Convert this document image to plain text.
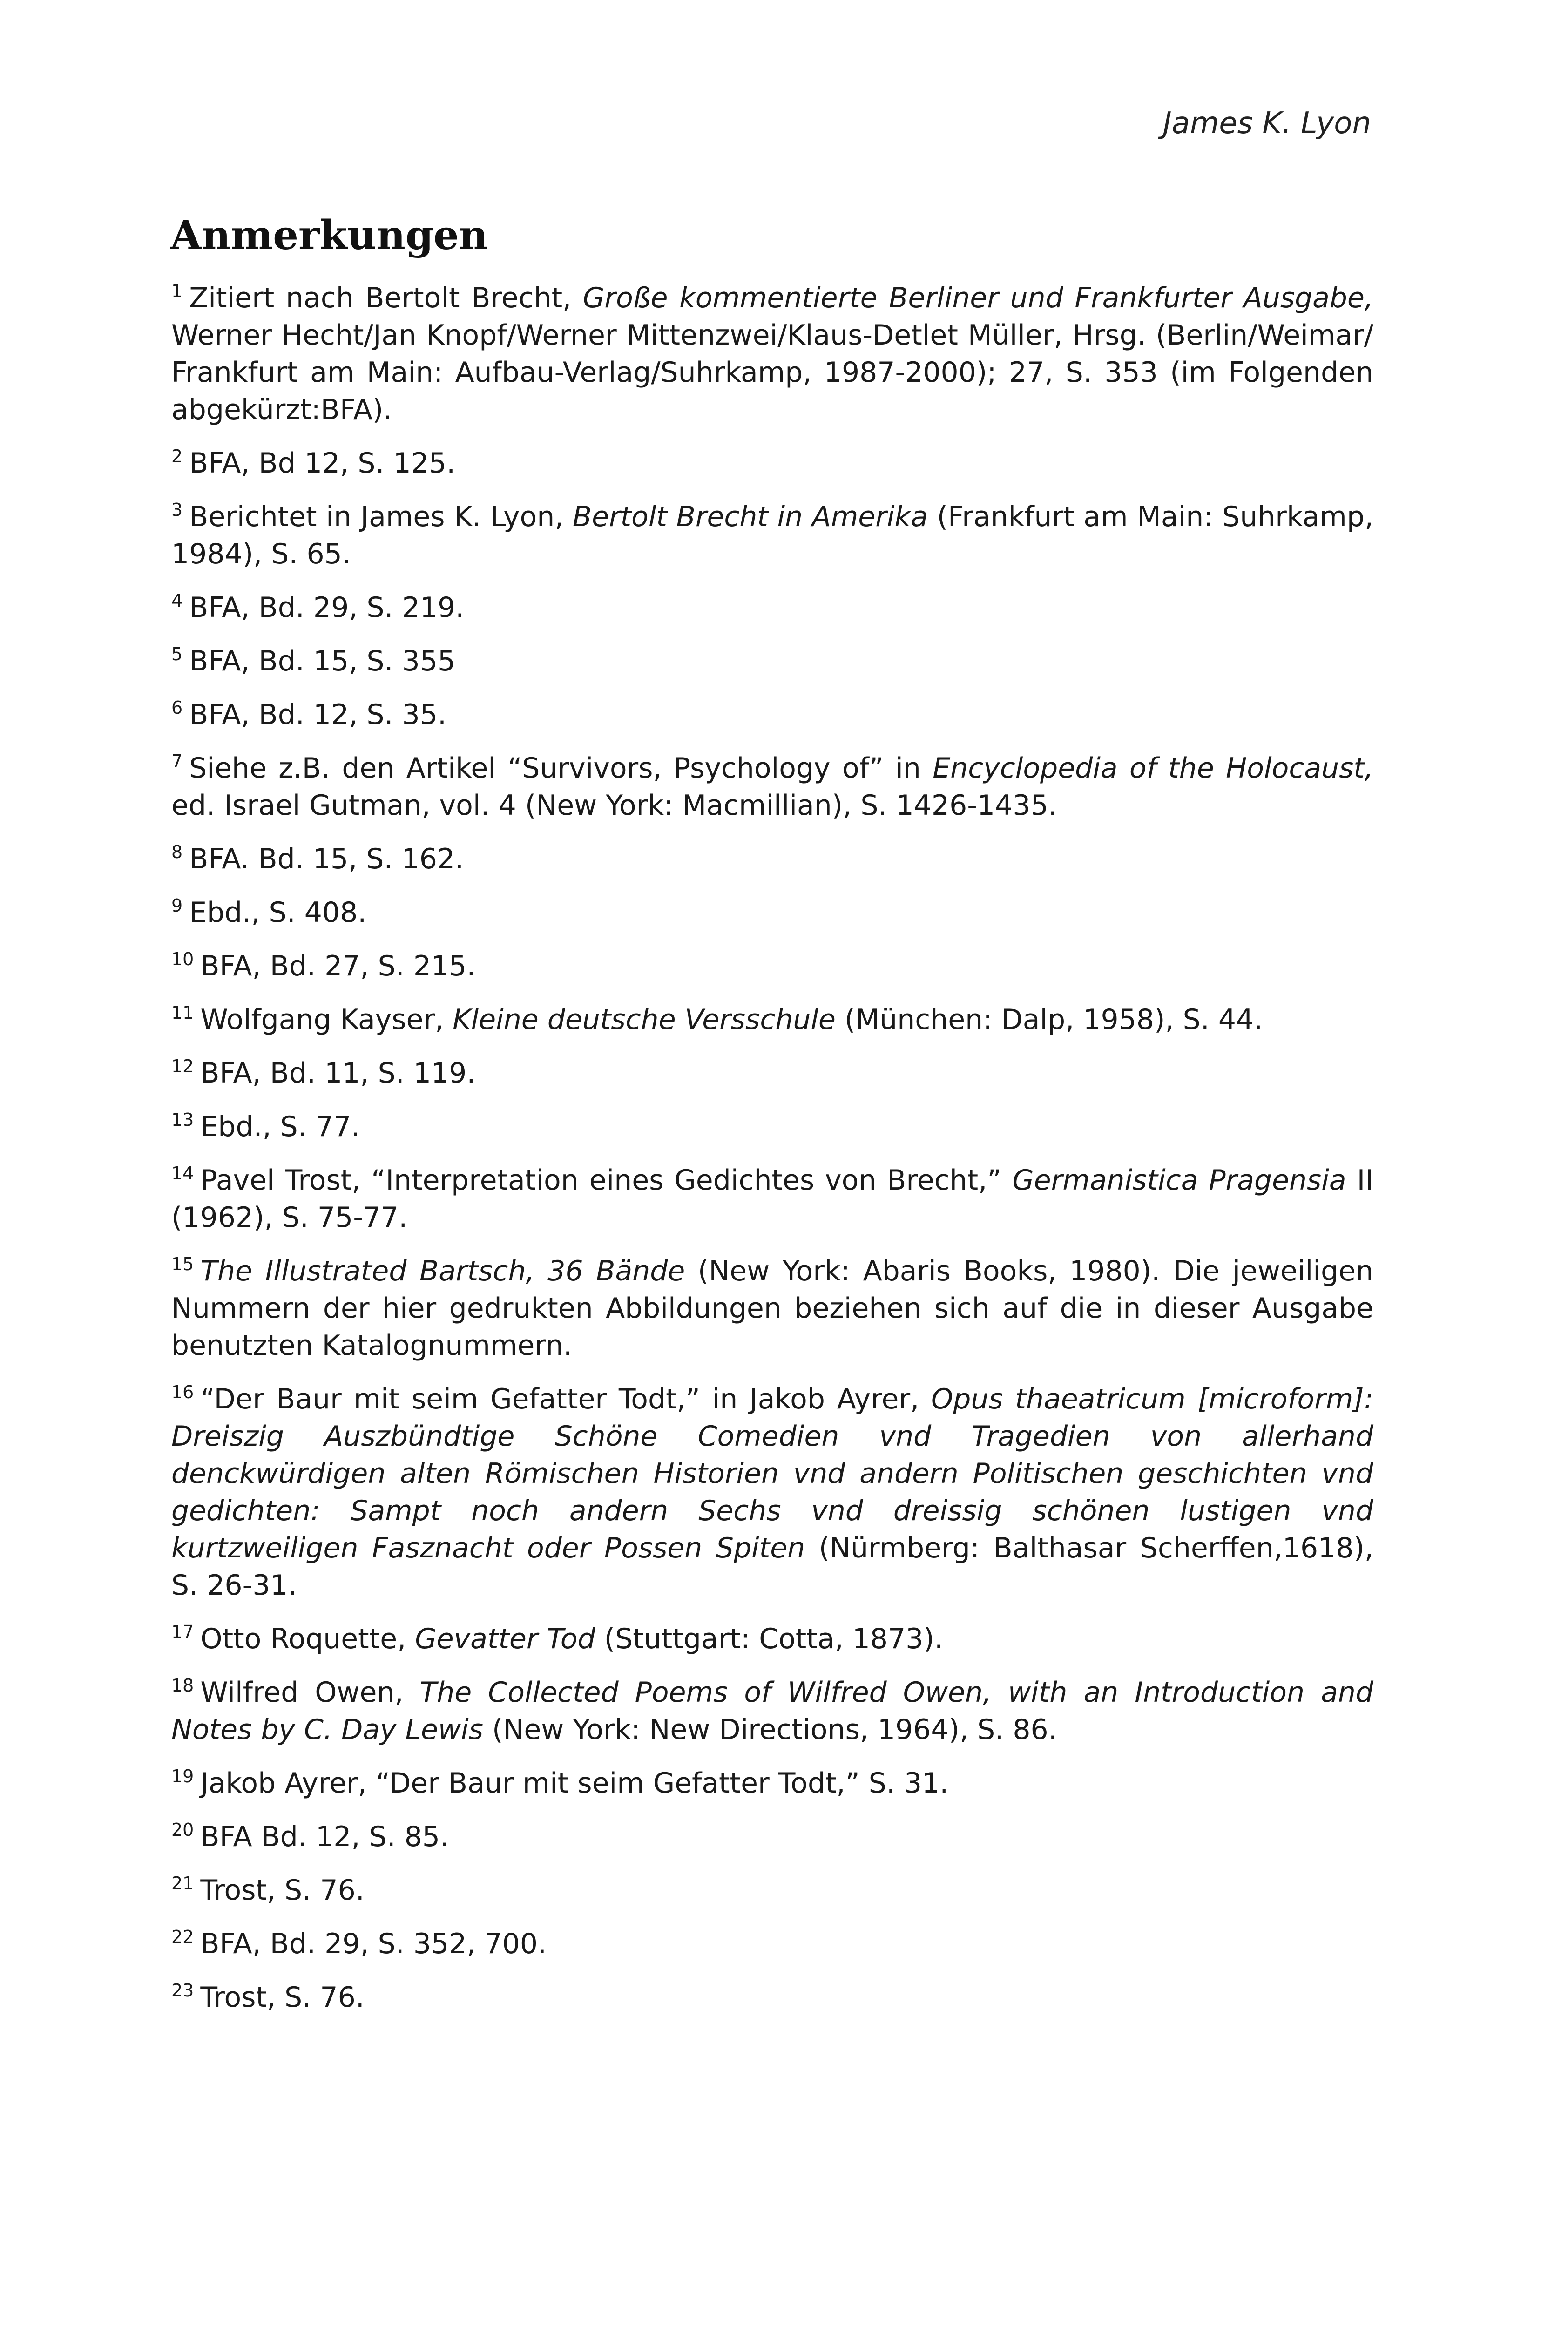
James K. Lyon
Anmerkungen

$^1$ Zitiert nach Bertolt Brecht, Große kommentierte Berliner und Frankfurter Ausgabe, Werner Hecht/Jan Knopf/Werner Mittenzwei/Klaus-Detlet Müller, Hrsg. (Berlin/Weimar/ Frankfurt am Main: Aufbau-Verlag/Suhrkamp, 1987-2000); 27, S. 353 (im Folgenden abgekürzt:BFA).

$^2$ BFA, Bd 12, S. 125.

$^3$ Berichtet in James K. Lyon, Bertolt Brecht in Amerika (Frankfurt am Main: Suhrkamp, 1984), S. 65.

$^4$ BFA, Bd. 29, S. 219.

$^5$ BFA, Bd. 15, S. 355

$^6$ BFA, Bd. 12, S. 35.

$^7$ Siehe z.B. den Artikel “Survivors, Psychology of” in Encyclopedia of the Holocaust, ed. Israel Gutman, vol. 4 (New York: Macmillian), S. 1426-1435.

$^8$ BFA. Bd. 15, S. 162.

$^9$ Ebd., S. 408.

$^{10}$ BFA, Bd. 27, S. 215.

$^{11}$ Wolfgang Kayser, Kleine deutsche Versschule (München: Dalp, 1958), S. 44.

$^{12}$ BFA, Bd. 11, S. 119.

$^{13}$ Ebd., S. 77.

$^{14}$ Pavel Trost, “Interpretation eines Gedichtes von Brecht,” Germanistica Pragensia II (1962), S. 75-77.

$^{15}$ The Illustrated Bartsch, 36 Bände (New York: Abaris Books, 1980). Die jeweiligen Nummern der hier gedrukten Abbildungen beziehen sich auf die in dieser Ausgabe benutzten Katalognummern.

$^{16}$ “Der Baur mit seim Gefatter Todt,” in Jakob Ayrer, Opus thaeatricum [microform]: Dreiszig Auszbündtige Schöne Comedien vnd Tragedien von allerhand denckwürdigen alten Römischen Historien vnd andern Politischen geschichten vnd gedichten: Sampt noch andern Sechs vnd dreissig schönen lustigen vnd kurtzweiligen Fasznacht oder Possen Spiten (Nürmberg: Balthasar Scherffen,1618), S. 26-31.

$^{17}$ Otto Roquette, Gevatter Tod (Stuttgart: Cotta, 1873).

$^{18}$ Wilfred Owen, The Collected Poems of Wilfred Owen, with an Introduction and Notes by C. Day Lewis (New York: New Directions, 1964), S. 86.

$^{19}$ Jakob Ayrer, “Der Baur mit seim Gefatter Todt,” S. 31.

$^{20}$ BFA Bd. 12, S. 85.

$^{21}$ Trost, S. 76.

$^{22}$ BFA, Bd. 29, S. 352, 700.

$^{23}$ Trost, S. 76.
